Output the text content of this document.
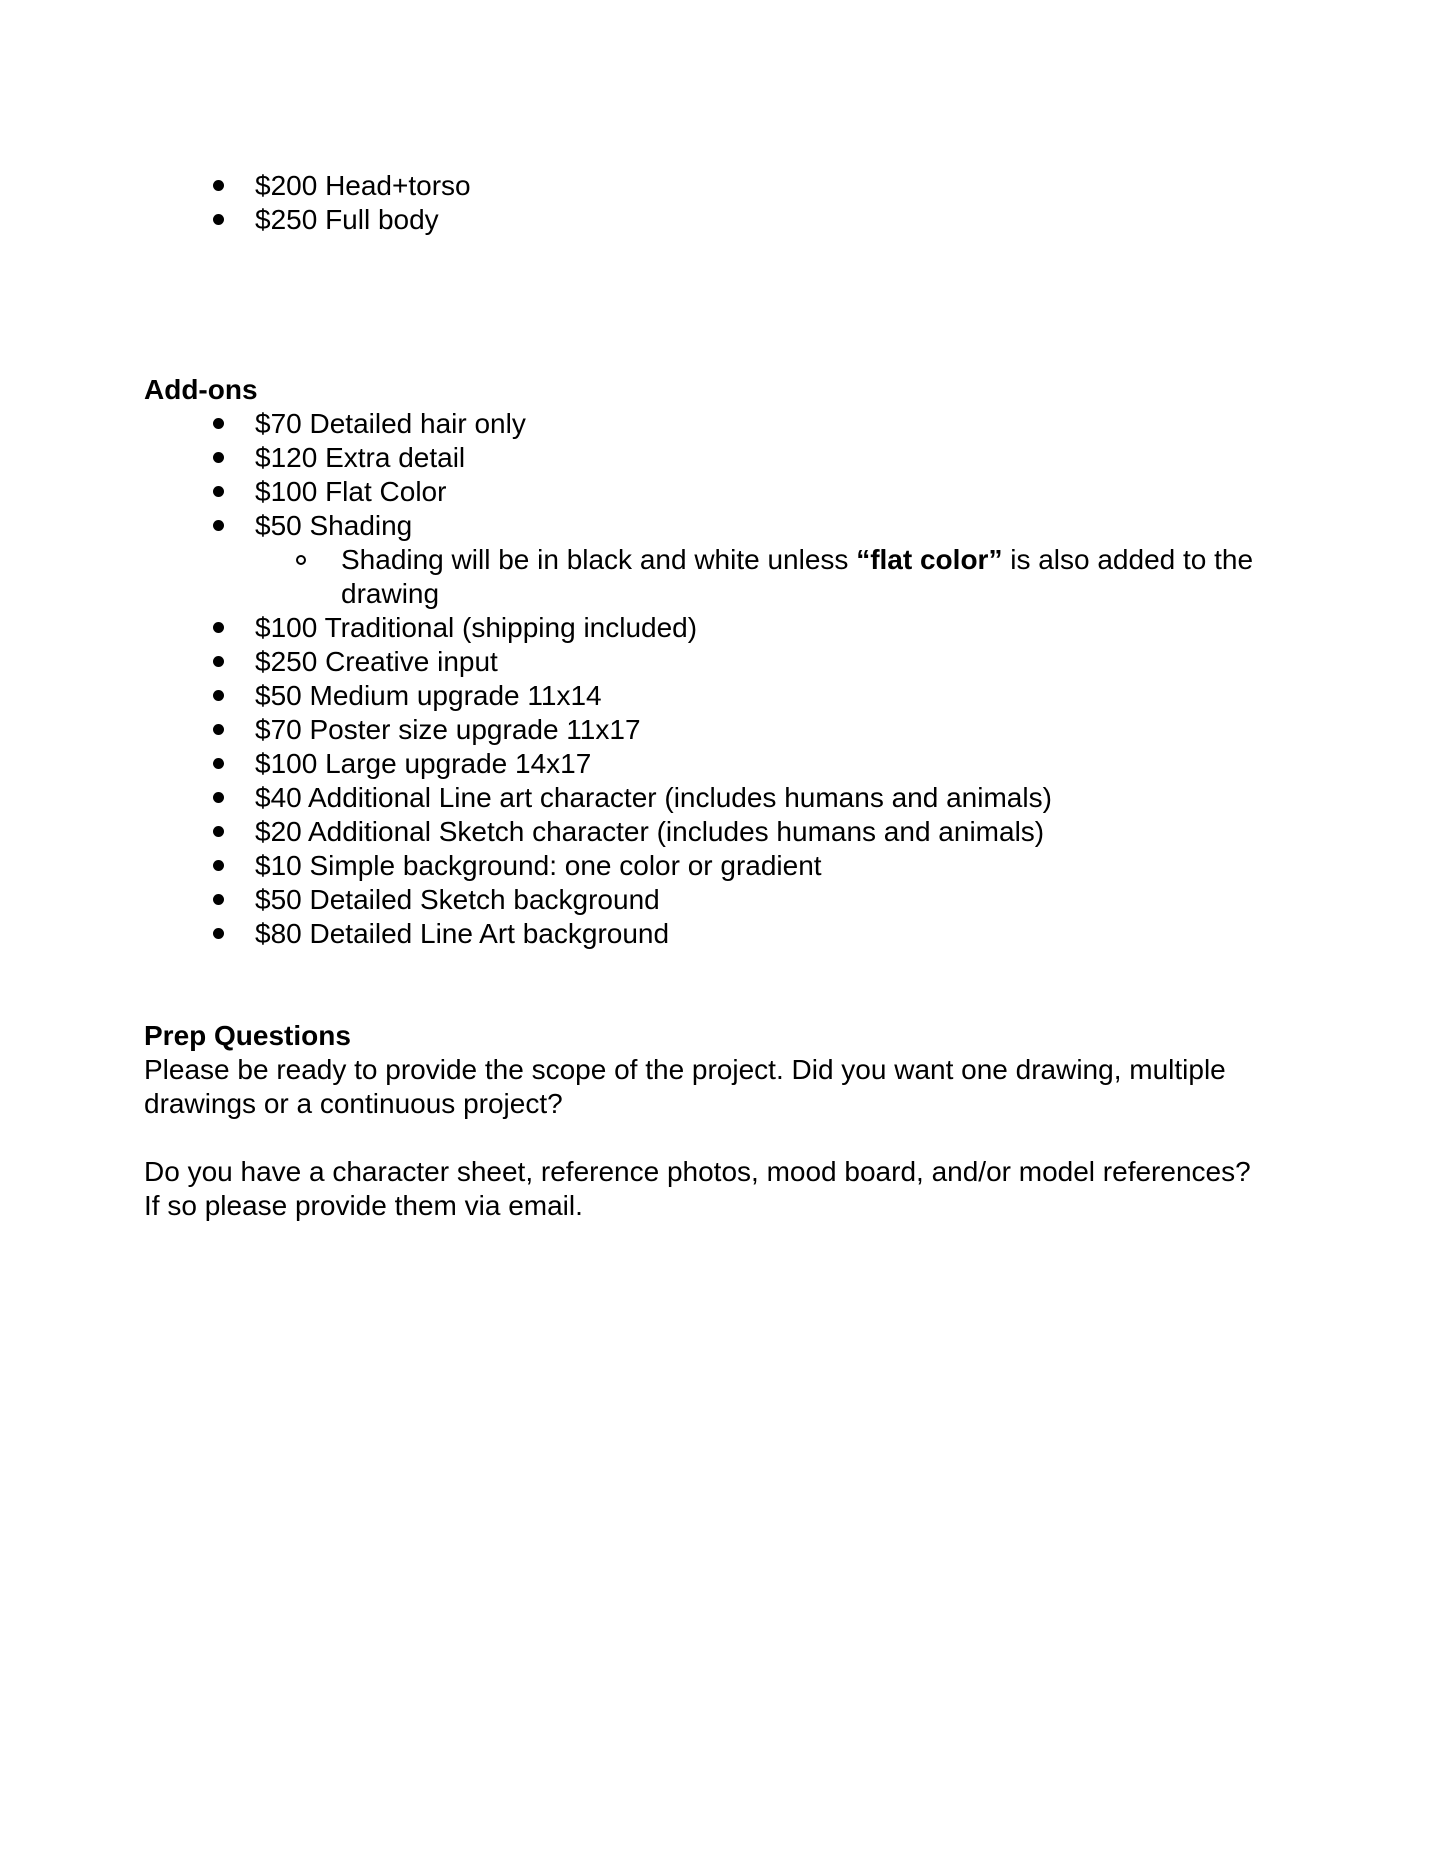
$200 Head+torso
$250 Full body
Add-ons
$70 Detailed hair only
$120 Extra detail
$100 Flat Color
$50 Shading
Shading will be in black and white unless “flat color” is also added to the drawing
$100 Traditional (shipping included)
$250 Creative input
$50 Medium upgrade 11x14
$70 Poster size upgrade 11x17
$100 Large upgrade 14x17
$40 Additional Line art character (includes humans and animals)
$20 Additional Sketch character (includes humans and animals)
$10 Simple background: one color or gradient
$50 Detailed Sketch background
$80 Detailed Line Art background
Prep Questions

Please be ready to provide the scope of the project. Did you want one drawing, multiple drawings or a continuous project?

Do you have a character sheet, reference photos, mood board, and/or model references? If so please provide them via email.
